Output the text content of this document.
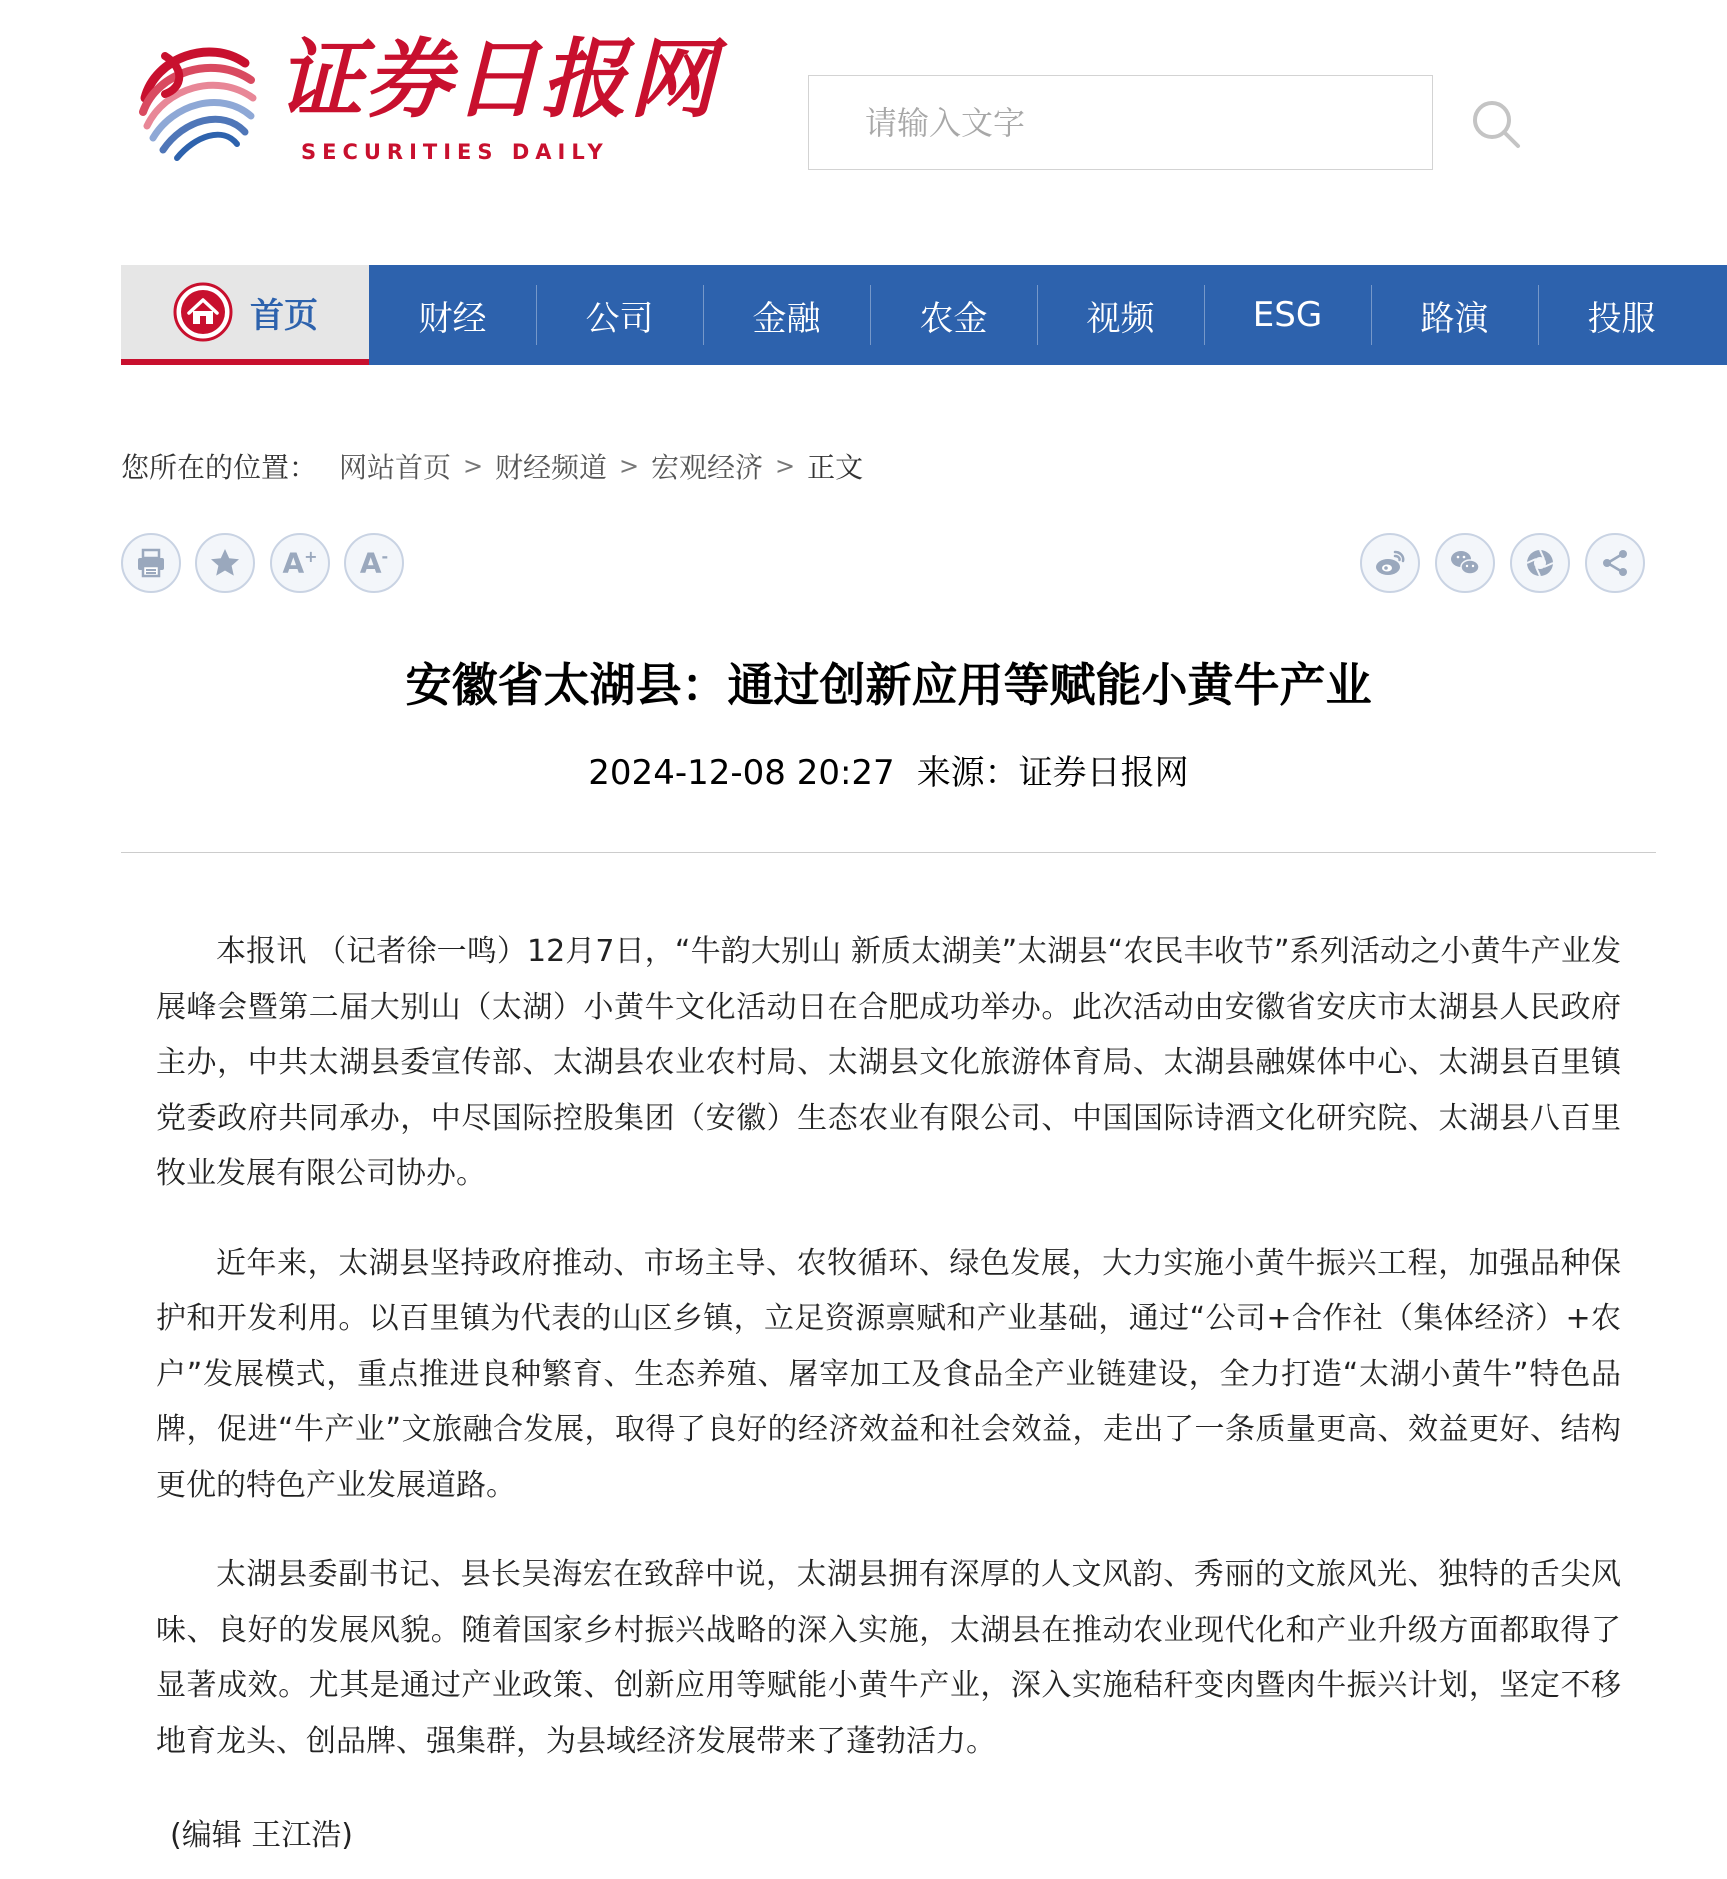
证券日报网
SECURITIES DAILY
请输入文字
首页	财经	公司	金融	农金	视频	ESG	路演	投服
您所在的位置： 网站首页 > 财经频道 > 宏观经济 > 正文
A+ A-
安徽省太湖县：通过创新应用等赋能小黄牛产业
2024-12-08 20:27 来源：证券日报网

本报讯 （记者徐一鸣）12月7日，“牛韵大别山 新质太湖美”太湖县“农民丰收节”系列活动之小黄牛产业发展峰会暨第二届大别山（太湖）小黄牛文化活动日在合肥成功举办。此次活动由安徽省安庆市太湖县人民政府主办，中共太湖县委宣传部、太湖县农业农村局、太湖县文化旅游体育局、太湖县融媒体中心、太湖县百里镇党委政府共同承办，中尽国际控股集团（安徽）生态农业有限公司、中国国际诗酒文化研究院、太湖县八百里牧业发展有限公司协办。

近年来，太湖县坚持政府推动、市场主导、农牧循环、绿色发展，大力实施小黄牛振兴工程，加强品种保护和开发利用。以百里镇为代表的山区乡镇，立足资源禀赋和产业基础，通过“公司+合作社（集体经济）+农户”发展模式，重点推进良种繁育、生态养殖、屠宰加工及食品全产业链建设，全力打造“太湖小黄牛”特色品牌，促进“牛产业”文旅融合发展，取得了良好的经济效益和社会效益，走出了一条质量更高、效益更好、结构更优的特色产业发展道路。

太湖县委副书记、县长吴海宏在致辞中说，太湖县拥有深厚的人文风韵、秀丽的文旅风光、独特的舌尖风味、良好的发展风貌。随着国家乡村振兴战略的深入实施，太湖县在推动农业现代化和产业升级方面都取得了显著成效。尤其是通过产业政策、创新应用等赋能小黄牛产业，深入实施秸秆变肉暨肉牛振兴计划，坚定不移地育龙头、创品牌、强集群，为县域经济发展带来了蓬勃活力。

(编辑 王江浩)
